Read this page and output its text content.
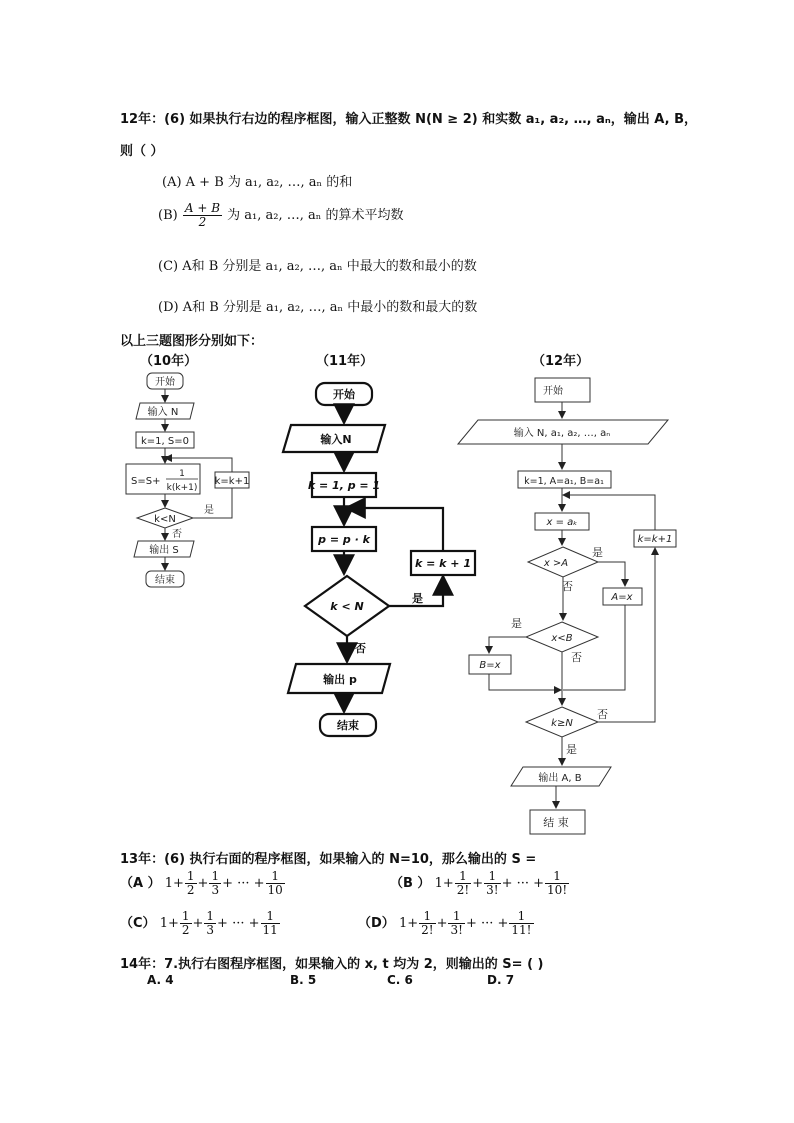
12年：(6) 如果执行右边的程序框图，输入正整数 N(N ≥ 2) 和实数 a₁, a₂, …, aₙ，输出 A, B，
则（ ）
(A) A + B 为 a₁, a₂, …, aₙ 的和
$(B) \frac{A + B}{2}$ 为 a₁, a₂, …, aₙ 的算术平均数
(C) A和 B 分别是 a₁, a₂, …, aₙ 中最大的数和最小的数
(D) A和 B 分别是 a₁, a₂, …, aₙ 中最小的数和最大的数
以上三题图形分别如下：
（10年）	（11年）	（12年）
开始
输入 N
k=1, S=0
S=S+
1
k(k+1)
k=k+1
k<N
是
否
输出 S
结束
开始
输入N
k = 1, p = 1
p = p · k
k = k + 1
k < N
是
否
输出 p
结束
开始
输入 N, a₁, a₂, …, aₙ
k=1, A=a₁, B=a₁
x = aₖ
x >A
是
否
A=x
x<B
是
否
B=x
k≥N
否
是
k=k+1
输出 A, B
结 束
13年：(6) 执行右面的程序框图，如果输入的 N=10，那么输出的 S =
（A ） $1+ \frac{1}{2} + \frac{1}{3}$ + ··· + $\frac{1}{10}$	（B ） $1+ \frac{1}{2!} + \frac{1}{3!}$ + ··· + $\frac{1}{10!}$
（C） $1+ \frac{1}{2} + \frac{1}{3}$ + ··· + $\frac{1}{11}$	（D） $1+ \frac{1}{2!} + \frac{1}{3!}$ + ··· + $\frac{1}{11!}$
14年：7.执行右图程序框图，如果输入的 x, t 均为 2，则输出的 S= ( )
A. 4	B. 5	C. 6	D. 7
